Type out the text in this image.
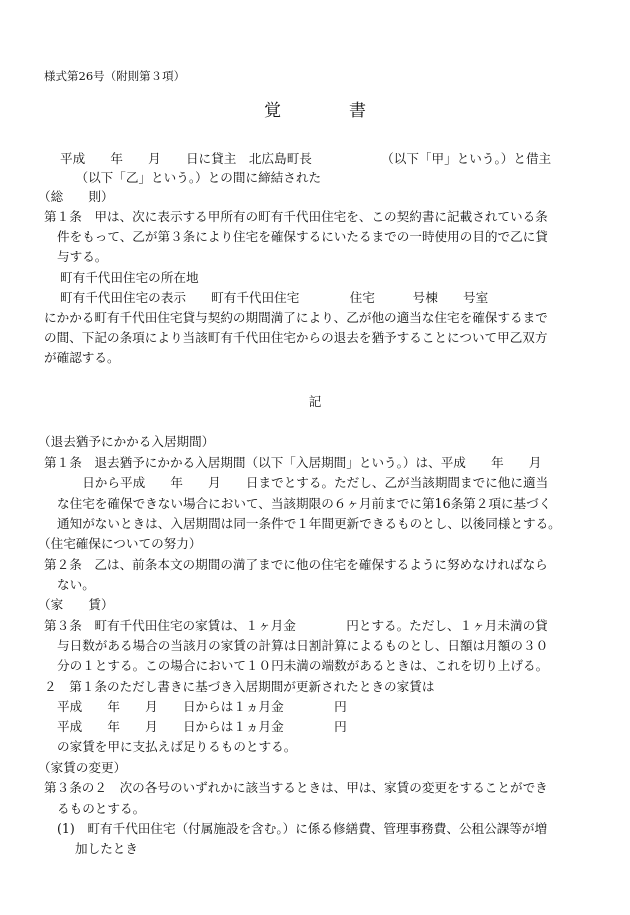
様式第26号（附則第３項）
覚　　　　書
平成　　年　　月　　日に貸主　北広島町長　　　　　　（以下「甲」という。）と借主
　　　（以下「乙」という。）との間に締結された
（総　　則）
第１条　甲は、次に表示する甲所有の町有千代田住宅を、この契約書に記載されている条
件をもって、乙が第３条により住宅を確保するにいたるまでの一時使用の目的で乙に貸
与する。
町有千代田住宅の所在地
町有千代田住宅の表示　　町有千代田住宅　　　　住宅　　　号棟　　号室
にかかる町有千代田住宅貸与契約の期間満了により、乙が他の適当な住宅を確保するまで
の間、下記の条項により当該町有千代田住宅からの退去を猶予することについて甲乙双方
が確認する。
記
（退去猶予にかかる入居期間）
第１条　退去猶予にかかる入居期間（以下「入居期間」という。）は、平成　　年　　月
　　日から平成　　年　　月　　日までとする。ただし、乙が当該期間までに他に適当
な住宅を確保できない場合において、当該期限の６ヶ月前までに第16条第２項に基づく
通知がないときは、入居期間は同一条件で１年間更新できるものとし、以後同様とする。
（住宅確保についての努力）
第２条　乙は、前条本文の期間の満了までに他の住宅を確保するように努めなければなら
ない。
（家　　賃）
第３条　町有千代田住宅の家賃は、１ヶ月金　　　　円とする。ただし、１ヶ月未満の貸
与日数がある場合の当該月の家賃の計算は日割計算によるものとし、日額は月額の３０
分の１とする。この場合において１０円未満の端数があるときは、これを切り上げる。
２　第１条のただし書きに基づき入居期間が更新されたときの家賃は
平成　　年　　月　　日からは１ヵ月金　　　　円
平成　　年　　月　　日からは１ヵ月金　　　　円
の家賃を甲に支払えば足りるものとする。
（家賃の変更）
第３条の２　次の各号のいずれかに該当するときは、甲は、家賃の変更をすることができ
るものとする。
(1)　町有千代田住宅（付属施設を含む。）に係る修繕費、管理事務費、公租公課等が増
加したとき
